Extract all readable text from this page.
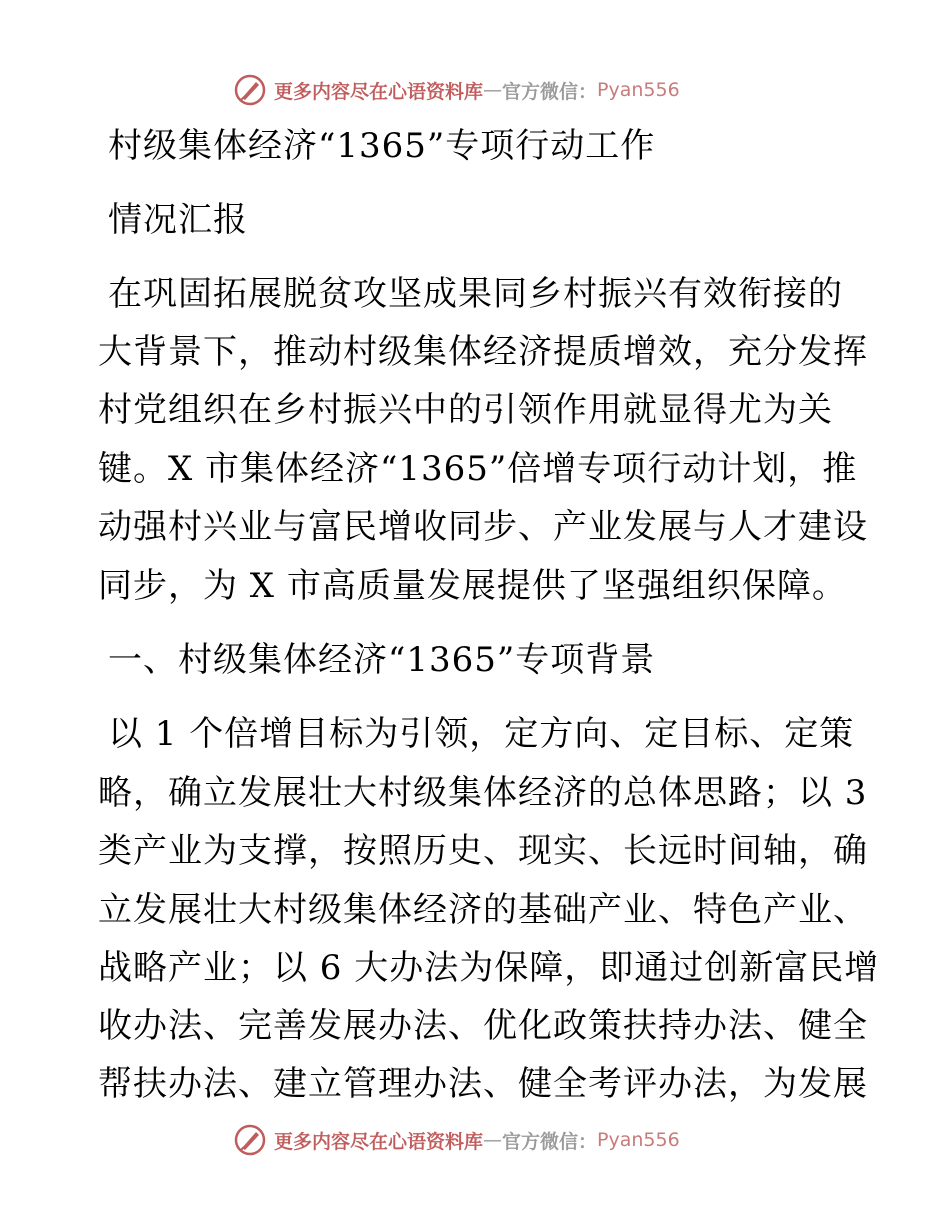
更多内容尽在心语资料库 — 官方微信： Pyan556
村级集体经济“1365”专项行动工作
情况汇报
在巩固拓展脱贫攻坚成果同乡村振兴有效衔接的
大背景下，推动村级集体经济提质增效，充分发挥
村党组织在乡村振兴中的引领作用就显得尤为关
键。X 市集体经济“1365”倍增专项行动计划，推
动强村兴业与富民增收同步、产业发展与人才建设
同步，为 X 市高质量发展提供了坚强组织保障。
一、村级集体经济“1365”专项背景
以 1 个倍增目标为引领，定方向、定目标、定策
略，确立发展壮大村级集体经济的总体思路；以 3
类产业为支撑，按照历史、现实、长远时间轴，确
立发展壮大村级集体经济的基础产业、特色产业、
战略产业；以 6 大办法为保障，即通过创新富民增
收办法、完善发展办法、优化政策扶持办法、健全
帮扶办法、建立管理办法、健全考评办法，为发展
更多内容尽在心语资料库 — 官方微信： Pyan556
